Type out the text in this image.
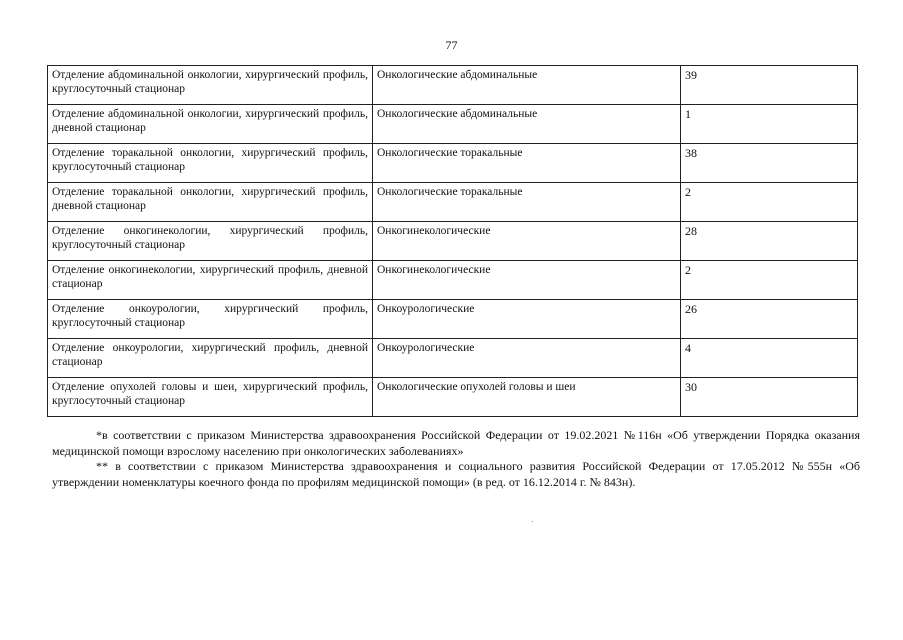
77
Отделение абдоминальной онкологии, хирургический профиль, круглосуточный стационар	Онкологические абдоминальные	39
Отделение абдоминальной онкологии, хирургический профиль, дневной стационар	Онкологические абдоминальные	1
Отделение торакальной онкологии, хирургический профиль, круглосуточный стационар	Онкологические торакальные	38
Отделение торакальной онкологии, хирургический профиль, дневной стационар	Онкологические торакальные	2
Отделение онкогинекологии, хирургический профиль, круглосуточный стационар	Онкогинекологические	28
Отделение онкогинекологии, хирургический профиль, дневной стационар	Онкогинекологические	2
Отделение онкоурологии, хирургический профиль, круглосуточный стационар	Онкоурологические	26
Отделение онкоурологии, хирургический профиль, дневной стационар	Онкоурологические	4
Отделение опухолей головы и шеи, хирургический профиль, круглосуточный стационар	Онкологические опухолей головы и шеи	30

*в соответствии с приказом Министерства здравоохранения Российской Федерации от 19.02.2021 №116н «Об утверждении Порядка оказания медицинской помощи взрослому населению при онкологических заболеваниях»

** в соответствии с приказом Министерства здравоохранения и социального развития Российской Федерации от 17.05.2012 №555н «Об утверждении номенклатуры коечного фонда по профилям медицинской помощи» (в ред. от 16.12.2014 г. № 843н).
